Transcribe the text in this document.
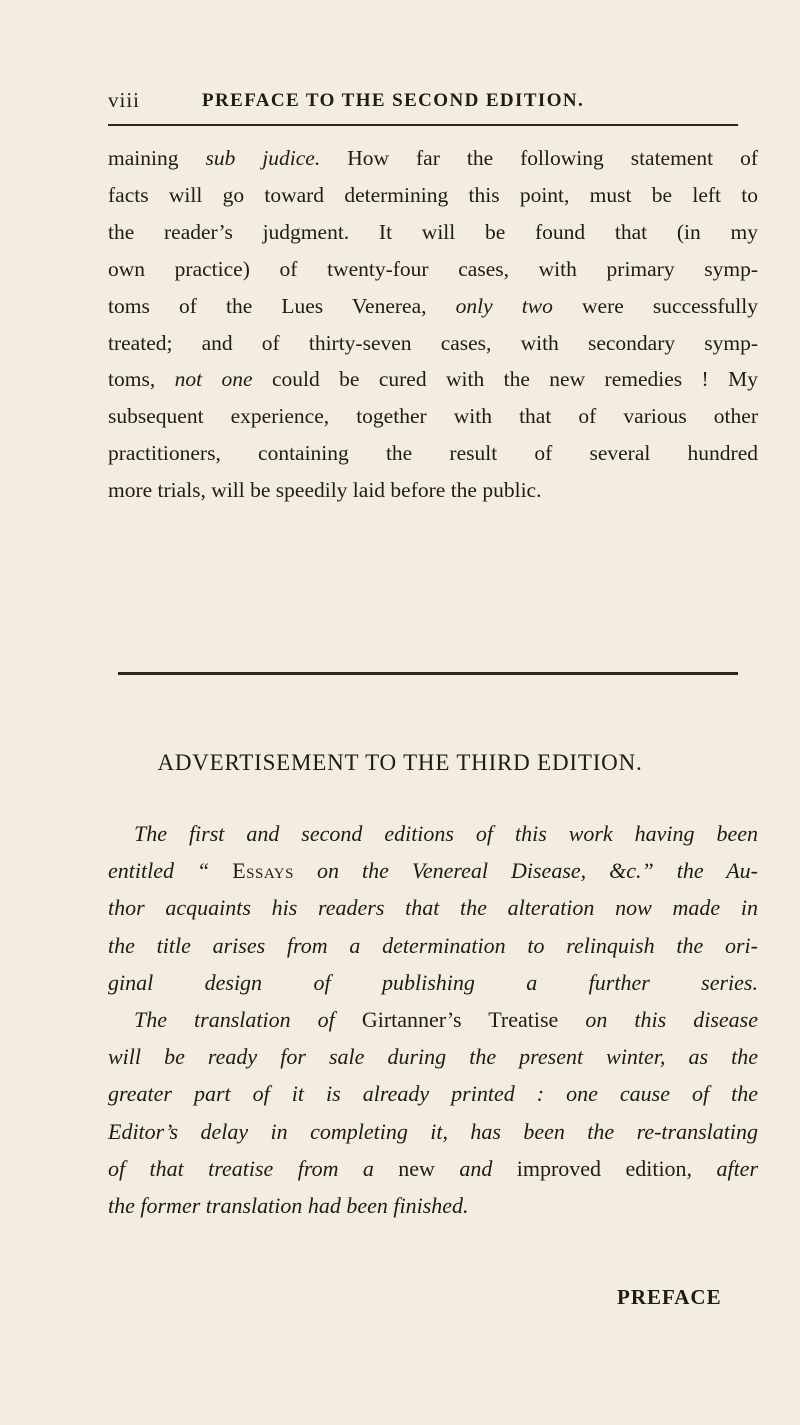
viii	PREFACE TO THE SECOND EDITION.
maining sub judice. How far the following statement of
facts will go toward determining this point, must be left to
the reader’s judgment. It will be found that (in my
own practice) of twenty-four cases, with primary symp-
toms of the Lues Venerea, only two were successfully
treated; and of thirty-seven cases, with secondary symp-
toms, not one could be cured with the new remedies ! My
subsequent experience, together with that of various other
practitioners, containing the result of several hundred
more trials, will be speedily laid before the public.
ADVERTISEMENT TO THE THIRD EDITION.
The first and second editions of this work having been
entitled “ Essays on the Venereal Disease, &c.” the Au-
thor acquaints his readers that the alteration now made in
the title arises from a determination to relinquish the ori-
ginal design of publishing a further series.
The translation of Girtanner’s Treatise on this disease
will be ready for sale during the present winter, as the
greater part of it is already printed : one cause of the
Editor’s delay in completing it, has been the re-translating
of that treatise from a new and improved edition, after
the former translation had been finished.
PREFACE
